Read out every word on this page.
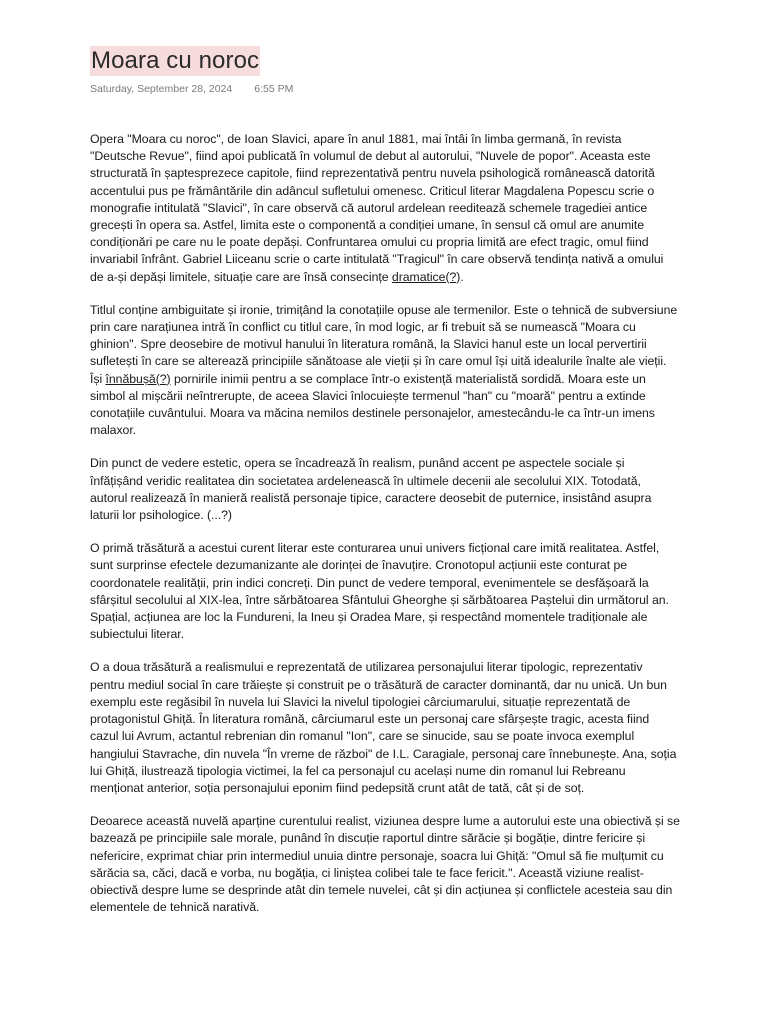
Moara cu noroc
Saturday, September 28, 2024 6:55 PM

Opera "Moara cu noroc", de Ioan Slavici, apare în anul 1881, mai întâi în limba germană, în revista "Deutsche Revue", fiind apoi publicată în volumul de debut al autorului, "Nuvele de popor". Aceasta este structurată în șaptesprezece capitole, fiind reprezentativă pentru nuvela psihologică românească datorită accentului pus pe frământările din adâncul sufletului omenesc. Criticul literar Magdalena Popescu scrie o monografie intitulată "Slavici", în care observă că autorul ardelean reeditează schemele tragediei antice grecești în opera sa. Astfel, limita este o componentă a condiției umane, în sensul că omul are anumite condiționări pe care nu le poate depăși. Confruntarea omului cu propria limită are efect tragic, omul fiind invariabil înfrânt. Gabriel Liiceanu scrie o carte intitulată "Tragicul" în care observă tendința nativă a omului de a-și depăși limitele, situație care are însă consecințe dramatice(?).

Titlul conține ambiguitate și ironie, trimițând la conotațiile opuse ale termenilor. Este o tehnică de subversiune prin care narațiunea intră în conflict cu titlul care, în mod logic, ar fi trebuit să se numească "Moara cu ghinion". Spre deosebire de motivul hanului în literatura română, la Slavici hanul este un local pervertirii sufletești în care se alterează principiile sănătoase ale vieții și în care omul își uită idealurile înalte ale vieții. Își înnăbușă(?) pornirile inimii pentru a se complace într-o existență materialistă sordidă. Moara este un simbol al mișcării neîntrerupte, de aceea Slavici înlocuiește termenul "han" cu "moară" pentru a extinde conotațiile cuvântului. Moara va măcina nemilos destinele personajelor, amestecându-le ca într-un imens malaxor.

Din punct de vedere estetic, opera se încadrează în realism, punând accent pe aspectele sociale și înfățișând veridic realitatea din societatea ardelenească în ultimele decenii ale secolului XIX. Totodată, autorul realizează în manieră realistă personaje tipice, caractere deosebit de puternice, insistând asupra laturii lor psihologice. (...?)

O primă trăsătură a acestui curent literar este conturarea unui univers ficțional care imită realitatea. Astfel, sunt surprinse efectele dezumanizante ale dorinței de înavuțire. Cronotopul acțiunii este conturat pe coordonatele realității, prin indici concreți. Din punct de vedere temporal, evenimentele se desfășoară la sfârșitul secolului al XIX-lea, între sărbătoarea Sfântului Gheorghe și sărbătoarea Paștelui din următorul an. Spațial, acțiunea are loc la Fundureni, la Ineu și Oradea Mare, și respectând momentele tradiționale ale subiectului literar.

O a doua trăsătură a realismului e reprezentată de utilizarea personajului literar tipologic, reprezentativ pentru mediul social în care trăiește și construit pe o trăsătură de caracter dominantă, dar nu unică. Un bun exemplu este regăsibil în nuvela lui Slavici la nivelul tipologiei cârciumarului, situație reprezentată de protagonistul Ghiță. În literatura română, cârciumarul este un personaj care sfârșește tragic, acesta fiind cazul lui Avrum, actantul rebrenian din romanul "Ion", care se sinucide, sau se poate invoca exemplul hangiului Stavrache, din nuvela "În vreme de război" de I.L. Caragiale, personaj care înnebunește. Ana, soția lui Ghiță, ilustrează tipologia victimei, la fel ca personajul cu același nume din romanul lui Rebreanu menționat anterior, soția personajului eponim fiind pedepsită crunt atât de tată, cât și de soț.

Deoarece această nuvelă aparține curentului realist, viziunea despre lume a autorului este una obiectivă și se bazează pe principiile sale morale, punând în discuție raportul dintre sărăcie și bogăție, dintre fericire și nefericire, exprimat chiar prin intermediul unuia dintre personaje, soacra lui Ghiță: "Omul să fie mulțumit cu sărăcia sa, căci, dacă e vorba, nu bogăția, ci liniștea colibei tale te face fericit.". Această viziune realist-obiectivă despre lume se desprinde atât din temele nuvelei, cât și din acțiunea și conflictele acesteia sau din elementele de tehnică narativă.
